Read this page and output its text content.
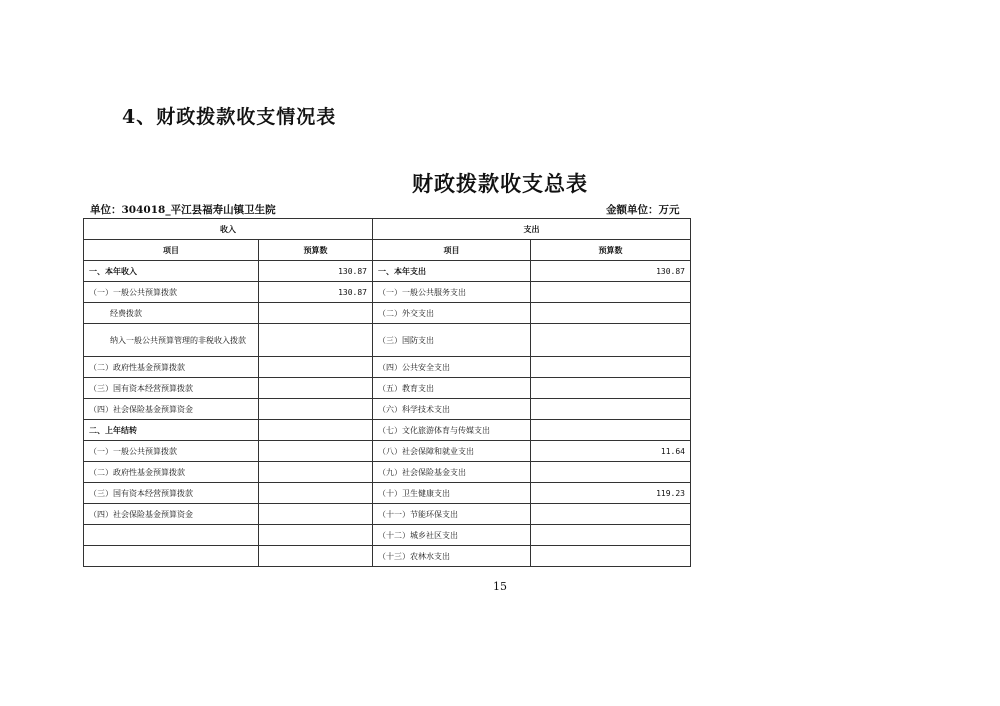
4、财政拨款收支情况表
财政拨款收支总表
单位：304018_平江县福寿山镇卫生院	金额单位：万元
收入		支出	
项目	预算数	项目	预算数
一、本年收入	130.87	一、本年支出	130.87
（一）一般公共预算拨款	130.87	（一）一般公共服务支出	
经费拨款		（二）外交支出	
纳入一般公共预算管理的非税收入拨款		（三）国防支出	
（二）政府性基金预算拨款		（四）公共安全支出	
（三）国有资本经营预算拨款		（五）教育支出	
（四）社会保险基金预算资金		（六）科学技术支出	
二、上年结转		（七）文化旅游体育与传媒支出	
（一）一般公共预算拨款		（八）社会保障和就业支出	11.64
（二）政府性基金预算拨款		（九）社会保险基金支出	
（三）国有资本经营预算拨款		（十）卫生健康支出	119.23
（四）社会保险基金预算资金		（十一）节能环保支出	
		（十二）城乡社区支出	
		（十三）农林水支出	
15
